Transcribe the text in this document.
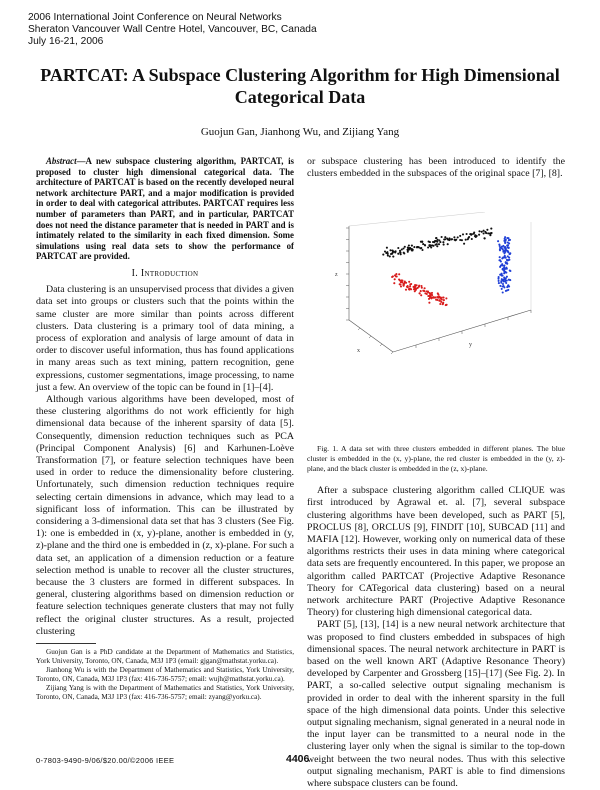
2006 International Joint Conference on Neural Networks
Sheraton Vancouver Wall Centre Hotel, Vancouver, BC, Canada
July 16-21, 2006
PARTCAT: A Subspace Clustering Algorithm for High Dimensional Categorical Data
Guojun Gan, Jianhong Wu, and Zijiang Yang

Abstract—A new subspace clustering algorithm, PARTCAT, is proposed to cluster high dimensional categorical data. The architecture of PARTCAT is based on the recently developed neural network architecture PART, and a major modification is provided in order to deal with categorical attributes. PARTCAT requires less number of parameters than PART, and in particular, PARTCAT does not need the distance parameter that is needed in PART and is intimately related to the similarity in each fixed dimension. Some simulations using real data sets to show the performance of PARTCAT are provided.

I. Introduction

Data clustering is an unsupervised process that divides a given data set into groups or clusters such that the points within the same cluster are more similar than points across different clusters. Data clustering is a primary tool of data mining, a process of exploration and analysis of large amount of data in order to discover useful information, thus has found applications in many areas such as text mining, pattern recognition, gene expressions, customer segmentations, image processing, to name just a few. An overview of the topic can be found in [1]–[4].

Although various algorithms have been developed, most of these clustering algorithms do not work efficiently for high dimensional data because of the inherent sparsity of data [5]. Consequently, dimension reduction techniques such as PCA (Principal Component Analysis) [6] and Karhunen-Loève Transformation [7], or feature selection techniques have been used in order to reduce the dimensionality before clustering. Unfortunately, such dimension reduction techniques require selecting certain dimensions in advance, which may lead to a significant loss of information. This can be illustrated by considering a 3-dimensional data set that has 3 clusters (See Fig. 1): one is embedded in (x, y)-plane, another is embedded in (y, z)-plane and the third one is embedded in (z, x)-plane. For such a data set, an application of a dimension reduction or a feature selection method is unable to recover all the cluster structures, because the 3 clusters are formed in different subspaces. In general, clustering algorithms based on dimension reduction or feature selection techniques generate clusters that may not fully reflect the original cluster structures. As a result, projected clustering

Guojun Gan is a PhD candidate at the Department of Mathematics and Statistics, York University, Toronto, ON, Canada, M3J 1P3 (email: gjgan@mathstat.yorku.ca).

Jianhong Wu is with the Department of Mathematics and Statistics, York University, Toronto, ON, Canada, M3J 1P3 (fax: 416-736-5757; email: wujh@mathstat.yorku.ca).

Zijiang Yang is with the Department of Mathematics and Statistics, York University, Toronto, ON, Canada, M3J 1P3 (fax: 416-736-5757; email: zyang@yorku.ca).

or subspace clustering has been introduced to identify the clusters embedded in the subspaces of the original space [7], [8].

x
y
z

Fig. 1. A data set with three clusters embedded in different planes. The blue cluster is embedded in the (x, y)-plane, the red cluster is embedded in the (y, z)-plane, and the black cluster is embedded in the (z, x)-plane.

After a subspace clustering algorithm called CLIQUE was first introduced by Agrawal et. al. [7], several subspace clustering algorithms have been developed, such as PART [5], PROCLUS [8], ORCLUS [9], FINDIT [10], SUBCAD [11] and MAFIA [12]. However, working only on numerical data of these algorithms restricts their uses in data mining where categorical data sets are frequently encountered. In this paper, we propose an algorithm called PARTCAT (Projective Adaptive Resonance Theory for CATegorical data clustering) based on a neural network architecture PART (Projective Adaptive Resonance Theory) for clustering high dimensional categorical data.

PART [5], [13], [14] is a new neural network architecture that was proposed to find clusters embedded in subspaces of high dimensional spaces. The neural network architecture in PART is based on the well known ART (Adaptive Resonance Theory) developed by Carpenter and Grossberg [15]–[17] (See Fig. 2). In PART, a so-called selective output signaling mechanism is provided in order to deal with the inherent sparsity in the full space of the high dimensional data points. Under this selective output signaling mechanism, signal generated in a neural node in the input layer can be transmitted to a neural node in the clustering layer only when the signal is similar to the top-down weight between the two neural nodes. Thus with this selective output signaling mechanism, PART is able to find dimensions where subspace clusters can be found.

0-7803-9490-9/06/$20.00/©2006 IEEE	4406
